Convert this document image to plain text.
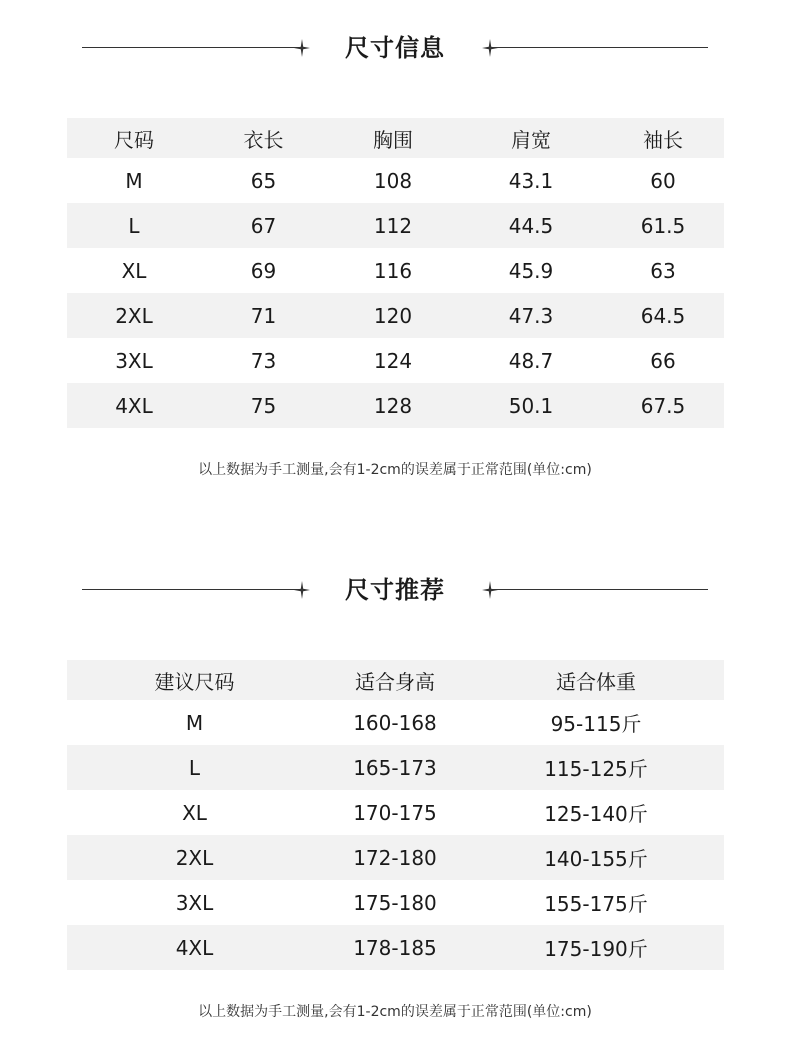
尺寸信息
尺码	衣长	胸围	肩宽	袖长
M	65	108	43.1	60
L	67	112	44.5	61.5
XL	69	116	45.9	63
2XL	71	120	47.3	64.5
3XL	73	124	48.7	66
4XL	75	128	50.1	67.5
以上数据为手工测量,会有1-2cm的误差属于正常范围(单位:cm)
尺寸推荐
建议尺码	适合身高	适合体重
M	160-168	95-115斤
L	165-173	115-125斤
XL	170-175	125-140斤
2XL	172-180	140-155斤
3XL	175-180	155-175斤
4XL	178-185	175-190斤
以上数据为手工测量,会有1-2cm的误差属于正常范围(单位:cm)
